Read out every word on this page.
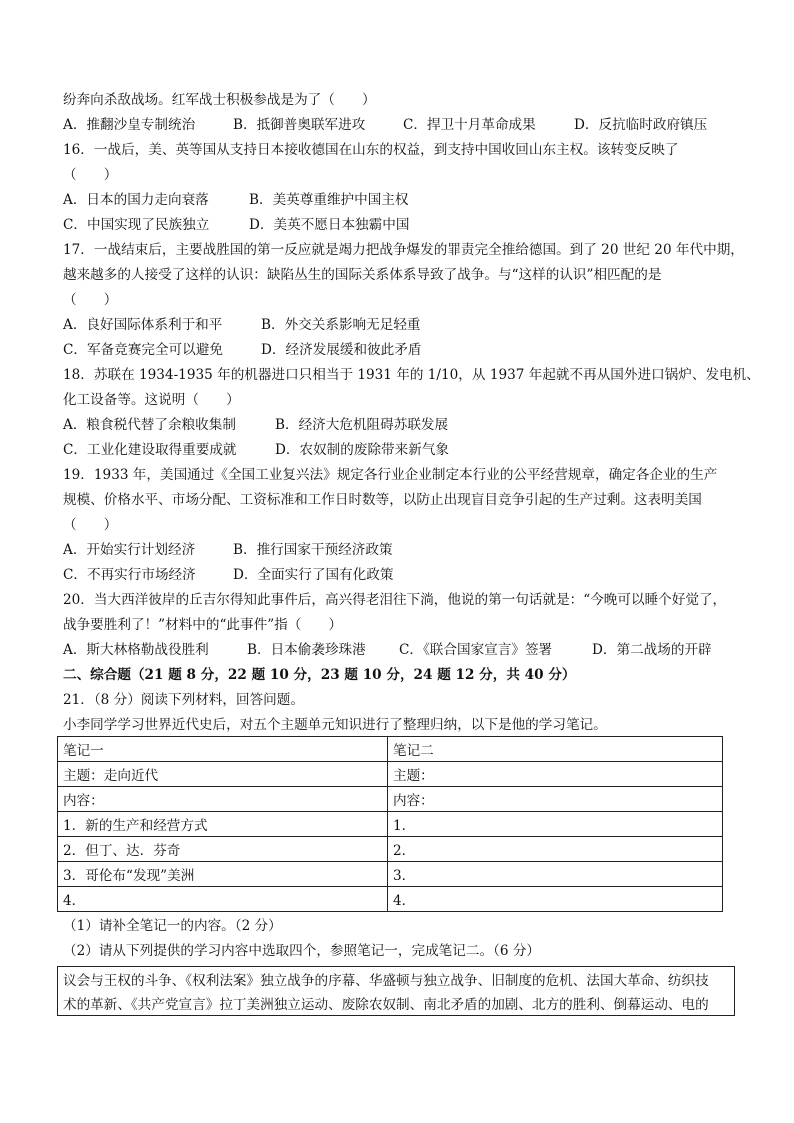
纷奔向杀敌战场。红军战士积极参战是为了（　　）
A．推翻沙皇专制统治	B．抵御普奥联军进攻	C．捍卫十月革命成果	D．反抗临时政府镇压
16．一战后，美、英等国从支持日本接收德国在山东的权益，到支持中国收回山东主权。该转变反映了
（　　）
A．日本的国力走向衰落	B．美英尊重维护中国主权
C．中国实现了民族独立	D．美英不愿日本独霸中国
17．一战结束后，主要战胜国的第一反应就是竭力把战争爆发的罪责完全推给德国。到了 20 世纪 20 年代中期，
越来越多的人接受了这样的认识：缺陷丛生的国际关系体系导致了战争。与“这样的认识”相匹配的是
（　　）
A．良好国际体系利于和平	B．外交关系影响无足轻重
C．军备竞赛完全可以避免	D．经济发展缓和彼此矛盾
18．苏联在 1934-1935 年的机器进口只相当于 1931 年的 1/10，从 1937 年起就不再从国外进口锅炉、发电机、
化工设备等。这说明（　　）
A．粮食税代替了余粮收集制	B．经济大危机阻碍苏联发展
C．工业化建设取得重要成就	D．农奴制的废除带来新气象
19．1933 年，美国通过《全国工业复兴法》规定各行业企业制定本行业的公平经营规章，确定各企业的生产
规模、价格水平、市场分配、工资标准和工作日时数等，以防止出现盲目竞争引起的生产过剩。这表明美国
（　　）
A．开始实行计划经济	B．推行国家干预经济政策
C．不再实行市场经济	D．全面实行了国有化政策
20．当大西洋彼岸的丘吉尔得知此事件后，高兴得老泪往下淌，他说的第一句话就是：“今晚可以睡个好觉了，
战争要胜利了！”材料中的“此事件”指（　　）
A．斯大林格勒战役胜利	B．日本偷袭珍珠港 C．《联合国家宣言》签署	D．第二战场的开辟
二、综合题（21 题 8 分，22 题 10 分，23 题 10 分，24 题 12 分，共 40 分）
21．（8 分）阅读下列材料，回答问题。
小李同学学习世界近代史后，对五个主题单元知识进行了整理归纳，以下是他的学习笔记。
笔记一	笔记二
主题：走向近代	主题：
内容：	内容：
1．新的生产和经营方式	1．
2．但丁、达．芬奇	2．
3．哥伦布“发现”美洲	3．
4．	4．
（1）请补全笔记一的内容。（2 分）
（2）请从下列提供的学习内容中选取四个，参照笔记一，完成笔记二。（6 分）
议会与王权的斗争、《权利法案》独立战争的序幕、华盛顿与独立战争、旧制度的危机、法国大革命、纺织技
术的革新、《共产党宣言》拉丁美洲独立运动、废除农奴制、南北矛盾的加剧、北方的胜利、倒幕运动、电的
